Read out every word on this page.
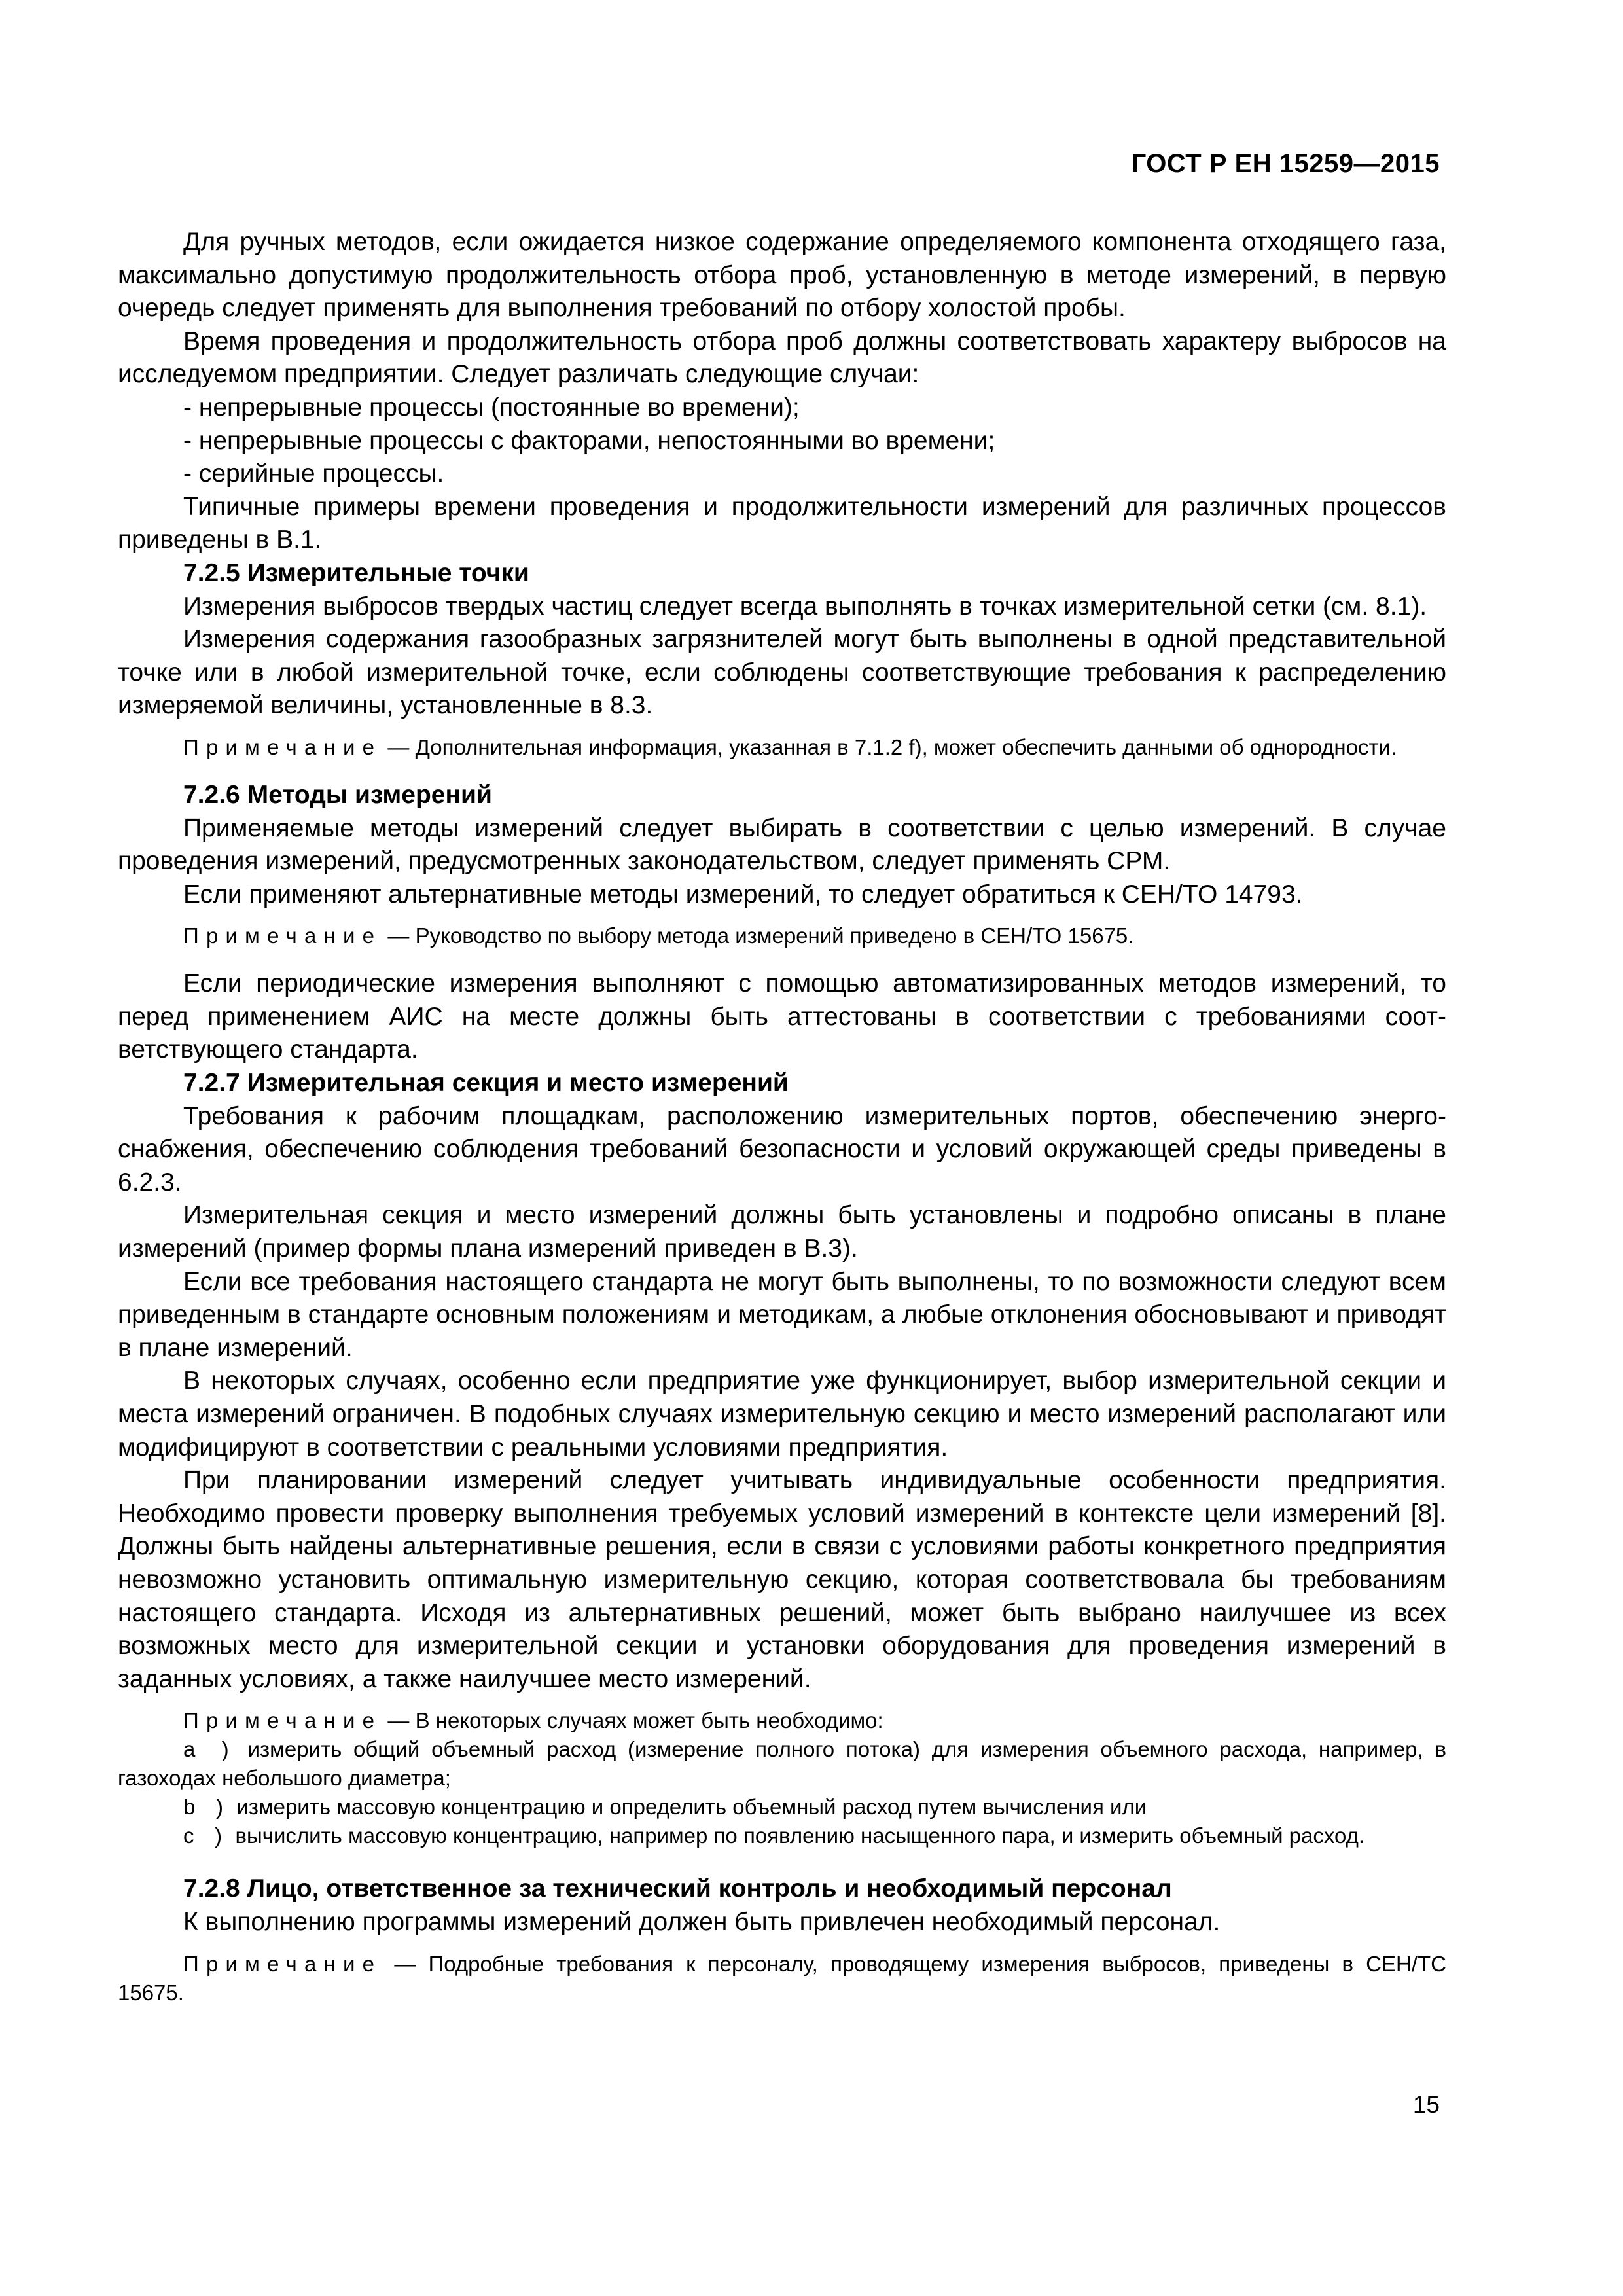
ГОСТ Р ЕН 15259—2015

Для ручных методов, если ожидается низкое содержание определяемого компонента отходящего газа, максимально допустимую продолжительность отбора проб, установленную в методе измерений, в первую очередь следует применять для выполнения требований по отбору холостой пробы.

Время проведения и продолжительность отбора проб должны соответствовать характеру выбросов на исследуемом предприятии. Следует различать следующие случаи:

- непрерывные процессы (постоянные во времени);

- непрерывные процессы с факторами, непостоянными во времени;

- серийные процессы.

Типичные примеры времени проведения и продолжительности измерений для различных процессов приведены в В.1.

7.2.5 Измерительные точки

Измерения выбросов твердых частиц следует всегда выполнять в точках измерительной сетки (см. 8.1).

Измерения содержания газообразных загрязнителей могут быть выполнены в одной представительной точке или в любой измерительной точке, если соблюдены соответствующие требования к распределению измеряемой величины, установленные в 8.3.

Примечание — Дополнительная информация, указанная в 7.1.2 f), может обеспечить данными об однородности.

7.2.6 Методы измерений

Применяемые методы измерений следует выбирать в соответствии с целью измерений. В случае проведения измерений, предусмотренных законодательством, следует применять СРМ.

Если применяют альтернативные методы измерений, то следует обратиться к CEH/TO 14793.

Примечание — Руководство по выбору метода измерений приведено в CEH/TO 15675.

Если периодические измерения выполняют с помощью автоматизированных методов измерений, то перед применением АИС на месте должны быть аттестованы в соответствии с требованиями соответствующего стандарта.

7.2.7 Измерительная секция и место измерений

Требования к рабочим площадкам, расположению измерительных портов, обеспечению энергоснабжения, обеспечению соблюдения требований безопасности и условий окружающей среды приведены в 6.2.3.

Измерительная секция и место измерений должны быть установлены и подробно описаны в плане измерений (пример формы плана измерений приведен в В.3).

Если все требования настоящего стандарта не могут быть выполнены, то по возможности следуют всем приведенным в стандарте основным положениям и методикам, а любые отклонения обосновывают и приводят в плане измерений.

В некоторых случаях, особенно если предприятие уже функционирует, выбор измерительной секции и места измерений ограничен. В подобных случаях измерительную секцию и место измерений располагают или модифицируют в соответствии с реальными условиями предприятия.

При планировании измерений следует учитывать индивидуальные особенности предприятия. Необходимо провести проверку выполнения требуемых условий измерений в контексте цели измерений [8]. Должны быть найдены альтернативные решения, если в связи с условиями работы конкретного предприятия невозможно установить оптимальную измерительную секцию, которая соответствовала бы требованиям настоящего стандарта. Исходя из альтернативных решений, может быть выбрано наилучшее из всех возможных место для измерительной секции и установки оборудования для проведения измерений в заданных условиях, а также наилучшее место измерений.

Примечание — В некоторых случаях может быть необходимо:

а ) измерить общий объемный расход (измерение полного потока) для измерения объемного расхода, например, в газоходах небольшого диаметра;

b ) измерить массовую концентрацию и определить объемный расход путем вычисления или

с ) вычислить массовую концентрацию, например по появлению насыщенного пара, и измерить объемный расход.

7.2.8 Лицо, ответственное за технический контроль и необходимый персонал

К выполнению программы измерений должен быть привлечен необходимый персонал.

Примечание — Подробные требования к персоналу, проводящему измерения выбросов, приведены в CEH/TC 15675.

15
